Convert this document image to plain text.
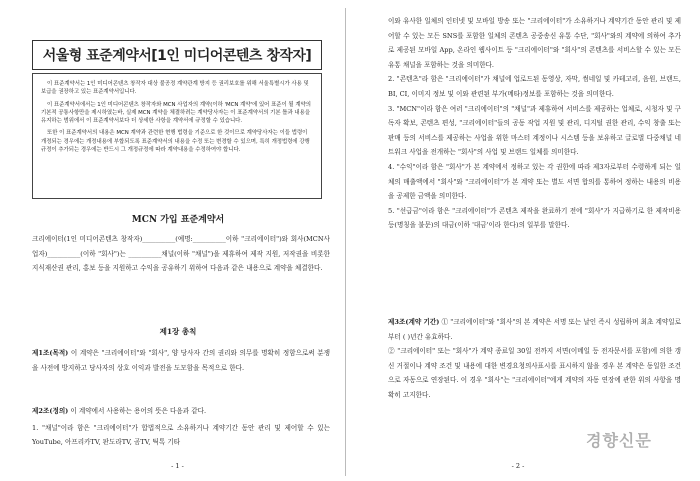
서울형 표준계약서[1인 미디어콘텐츠 창작자]

이 표준계약서는 1인 미디어콘텐츠 창작자 대상 불공정 계약관계 방지 등 권리보호를 위해 서울특별시가 사용 및 보급을 권장하고 있는 표준계약서입니다.

이 표준계약서에서는 1인 미디어콘텐츠 창작자와 MCN 사업자의 계약(이하 'MCN 계약'에 있어 표준이 될 계약의 기본적 공통사항만을 제시하였는바, 실제 MCN 계약을 체결하려는 계약당사자는 이 표준계약서의 기본 틀과 내용을 유지하는 범위에서 이 표준계약서보다 더 상세한 사항을 계약서에 규정할 수 있습니다.

또한 이 표준계약서의 내용은 MCN 계약과 관련한 현행 법령을 기준으로 한 것이므로 계약당사자는 이들 법령이 개정되는 경우에는 개정내용에 부합되도록 표준계약서의 내용을 수정 또는 변경할 수 있으며, 특히 개정법령에 강행규정이 추가되는 경우에는 반드시 그 개정규정에 따라 계약내용을 수정하여야 합니다.

- 1 -
MCN 가입 표준계약서

크리에이터(1인 미디어콘텐츠 창작자)__________(예명:__________이하 "크리에이터")와 회사(MCN사업자)__________(이하 "회사")는 __________채널(이하 "채널")을 제휴하여 제작 지원, 저작권을 비롯한 지식재산권 관리, 홍보 등을 지원하고 수익을 공유하기 위하여 다음과 같은 내용으로 계약을 체결한다.

제1장 총칙

제1조(목적) 이 계약은 "크리에이터"와 "회사", 양 당사자 간의 권리와 의무를 명확히 정함으로써 분쟁을 사전에 방지하고 당사자의 상호 이익과 발전을 도모함을 목적으로 한다.

제2조(정의) 이 계약에서 사용하는 용어의 뜻은 다음과 같다.

1. "채널"이라 함은 "크리에이터"가 합법적으로 소유하거나 계약기간 동안 관리 및 제어할 수 있는 YouTube, 아프리카TV, 판도라TV, 곰TV, 틱톡 기타

- 2 -

이와 유사한 일체의 인터넷 및 모바일 방송 또는 "크리에이터"가 소유하거나 계약기간 동안 관리 및 제어할 수 있는 모든 SNS를 포함한 일체의 콘텐츠 공중송신 유통 수단, "회사"와의 계약에 의하여 추가로 제공된 모바일 App, 온라인 웹사이트 등 "크리에이터"와 "회사"의 콘텐츠를 서비스할 수 있는 모든 유통 채널을 포함하는 것을 의미한다.

2. "콘텐츠"라 함은 "크리에이터"가 채널에 업로드된 동영상, 자막, 썸네일 및 카테고리, 음원, 브랜드, BI, CI, 이미지 정보 및 이와 관련된 부가(메타)정보를 포함하는 것을 의미한다.

3. "MCN"이라 함은 여러 "크리에이터"의 "채널"과 제휴하여 서비스를 제공하는 업체로, 시청자 및 구독자 확보, 콘텐츠 편성, "크리에이터"들의 공동 작업 지원 및 관리, 디지털 권한 관리, 수익 창출 또는 판매 등의 서비스를 제공하는 사업을 위한 마스터 계정이나 시스템 등을 보유하고 글로벌 다중채널 네트워크 사업을 전개하는 "회사"의 사업 및 브랜드 일체를 의미한다.

4. "수익"이라 함은 "회사"가 본 계약에서 정하고 있는 각 권한에 따라 제3자로부터 수령하게 되는 일체의 매출액에서 "회사"와 "크리에이터"가 본 계약 또는 별도 서면 합의를 통하여 정하는 내용의 비용을 공제한 금액을 의미한다.

5. "선급금"이라 함은 "크리에이터"가 콘텐츠 제작을 완료하기 전에 "회사"가 지급하기로 한 제작비용 등(명칭을 불문)의 대금(이하 '대금'이라 한다)의 일부를 말한다.

제3조(계약 기간) ① "크리에이터"와 "회사"의 본 계약은 서명 또는 날인 즉시 성립하며 최초 계약일로부터 ( )년간 유효하다.

② "크리에이터" 또는 "회사"가 계약 종료일 30일 전까지 서면(이메일 등 전자문서를 포함)에 의한 갱신 거절이나 계약 조건 및 내용에 대한 변경요청의사표시를 표시하지 않을 경우 본 계약은 동일한 조건으로 자동으로 연장된다. 이 경우 "회사"는 "크리에이터"에게 계약의 자동 연장에 관한 위의 사항을 명확히 고지한다.

경향신문
